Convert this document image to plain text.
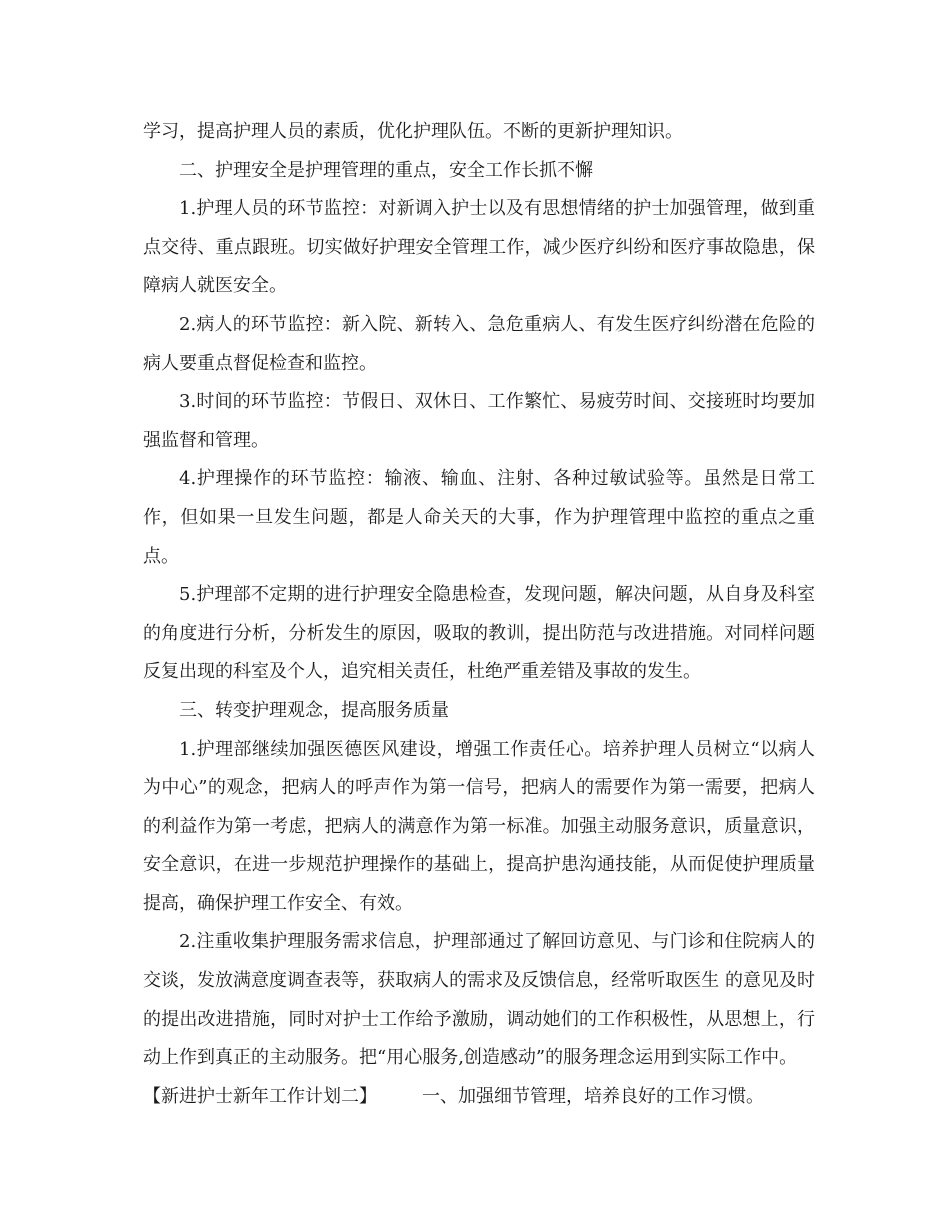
学习，提高护理人员的素质，优化护理队伍。不断的更新护理知识。

二、护理安全是护理管理的重点，安全工作长抓不懈

1.护理人员的环节监控：对新调入护士以及有思想情绪的护士加强管理，做到重点交待、重点跟班。切实做好护理安全管理工作，减少医疗纠纷和医疗事故隐患，保障病人就医安全。

2.病人的环节监控：新入院、新转入、急危重病人、有发生医疗纠纷潜在危险的病人要重点督促检查和监控。

3.时间的环节监控：节假日、双休日、工作繁忙、易疲劳时间、交接班时均要加强监督和管理。

4.护理操作的环节监控：输液、输血、注射、各种过敏试验等。虽然是日常工作，但如果一旦发生问题，都是人命关天的大事，作为护理管理中监控的重点之重点。

5.护理部不定期的进行护理安全隐患检查，发现问题，解决问题，从自身及科室的角度进行分析，分析发生的原因，吸取的教训，提出防范与改进措施。对同样问题反复出现的科室及个人，追究相关责任，杜绝严重差错及事故的发生。

三、转变护理观念，提高服务质量

1.护理部继续加强医德医风建设，增强工作责任心。培养护理人员树立“以病人为中心”的观念，把病人的呼声作为第一信号，把病人的需要作为第一需要，把病人的利益作为第一考虑，把病人的满意作为第一标准。加强主动服务意识，质量意识，安全意识，在进一步规范护理操作的基础上，提高护患沟通技能，从而促使护理质量提高，确保护理工作安全、有效。

2.注重收集护理服务需求信息，护理部通过了解回访意见、与门诊和住院病人的交谈，发放满意度调查表等，获取病人的需求及反馈信息，经常听取医生 的意见及时的提出改进措施，同时对护士工作给予激励，调动她们的工作积极性，从思想上，行动上作到真正的主动服务。把“用心服务,创造感动”的服务理念运用到实际工作中。

【新进护士新年工作计划二】　　　一、加强细节管理，培养良好的工作习惯。
